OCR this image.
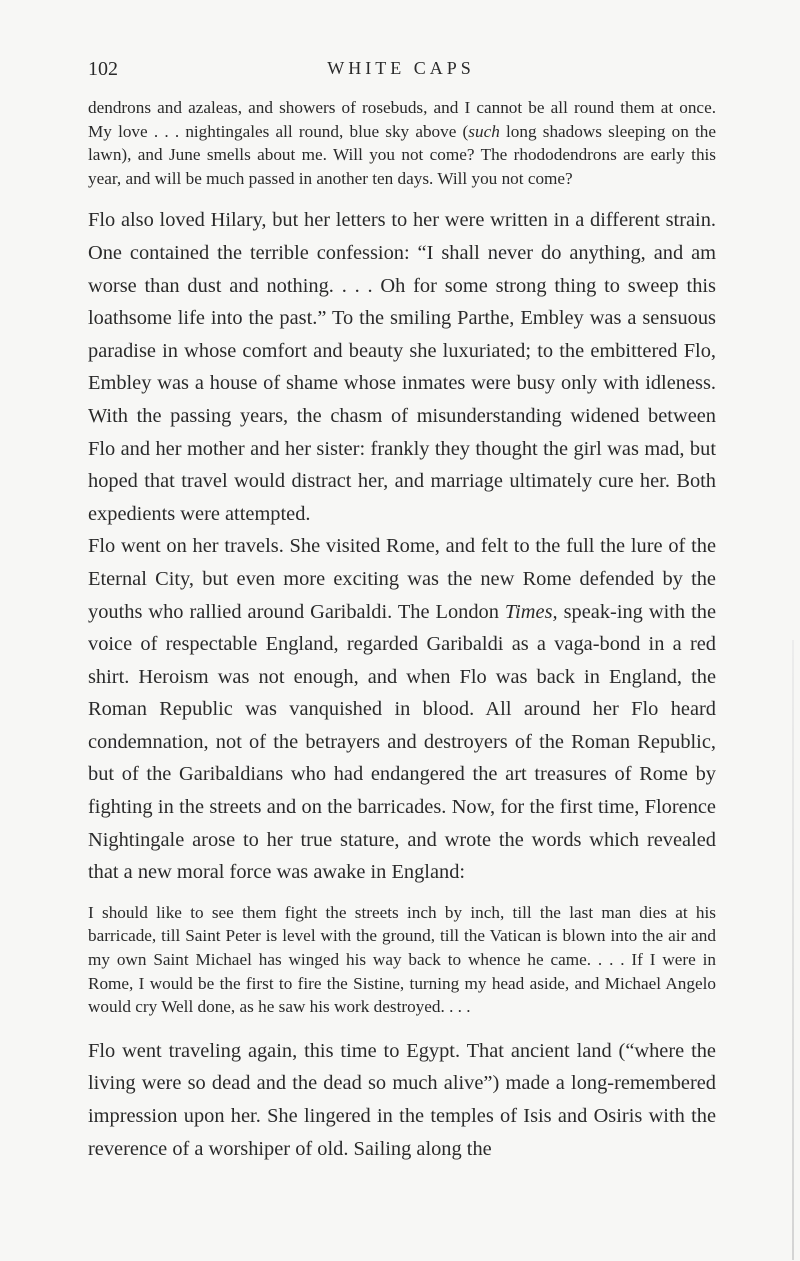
102	WHITE CAPS

dendrons and azaleas, and showers of rosebuds, and I cannot be all round them at once. My love . . . nightingales all round, blue sky above (such long shadows sleeping on the lawn), and June smells about me. Will you not come? The rhododendrons are early this year, and will be much passed in another ten days. Will you not come?

Flo also loved Hilary, but her letters to her were written in a different strain. One contained the terrible confession: “I shall never do anything, and am worse than dust and nothing. . . . Oh for some strong thing to sweep this loathsome life into the past.” To the smiling Parthe, Embley was a sensuous paradise in whose comfort and beauty she luxuriated; to the embittered Flo, Embley was a house of shame whose inmates were busy only with idleness. With the passing years, the chasm of misunderstanding widened between Flo and her mother and her sister: frankly they thought the girl was mad, but hoped that travel would distract her, and marriage ultimately cure her. Both expedients were attempted.

Flo went on her travels. She visited Rome, and felt to the full the lure of the Eternal City, but even more exciting was the new Rome defended by the youths who rallied around Garibaldi. The London Times, speak-ing with the voice of respectable England, regarded Garibaldi as a vaga-bond in a red shirt. Heroism was not enough, and when Flo was back in England, the Roman Republic was vanquished in blood. All around her Flo heard condemnation, not of the betrayers and destroyers of the Roman Republic, but of the Garibaldians who had endangered the art treasures of Rome by fighting in the streets and on the barricades. Now, for the first time, Florence Nightingale arose to her true stature, and wrote the words which revealed that a new moral force was awake in England:

I should like to see them fight the streets inch by inch, till the last man dies at his barricade, till Saint Peter is level with the ground, till the Vatican is blown into the air and my own Saint Michael has winged his way back to whence he came. . . . If I were in Rome, I would be the first to fire the Sistine, turning my head aside, and Michael Angelo would cry Well done, as he saw his work destroyed. . . .

Flo went traveling again, this time to Egypt. That ancient land (“where the living were so dead and the dead so much alive”) made a long-remembered impression upon her. She lingered in the temples of Isis and Osiris with the reverence of a worshiper of old. Sailing along the
